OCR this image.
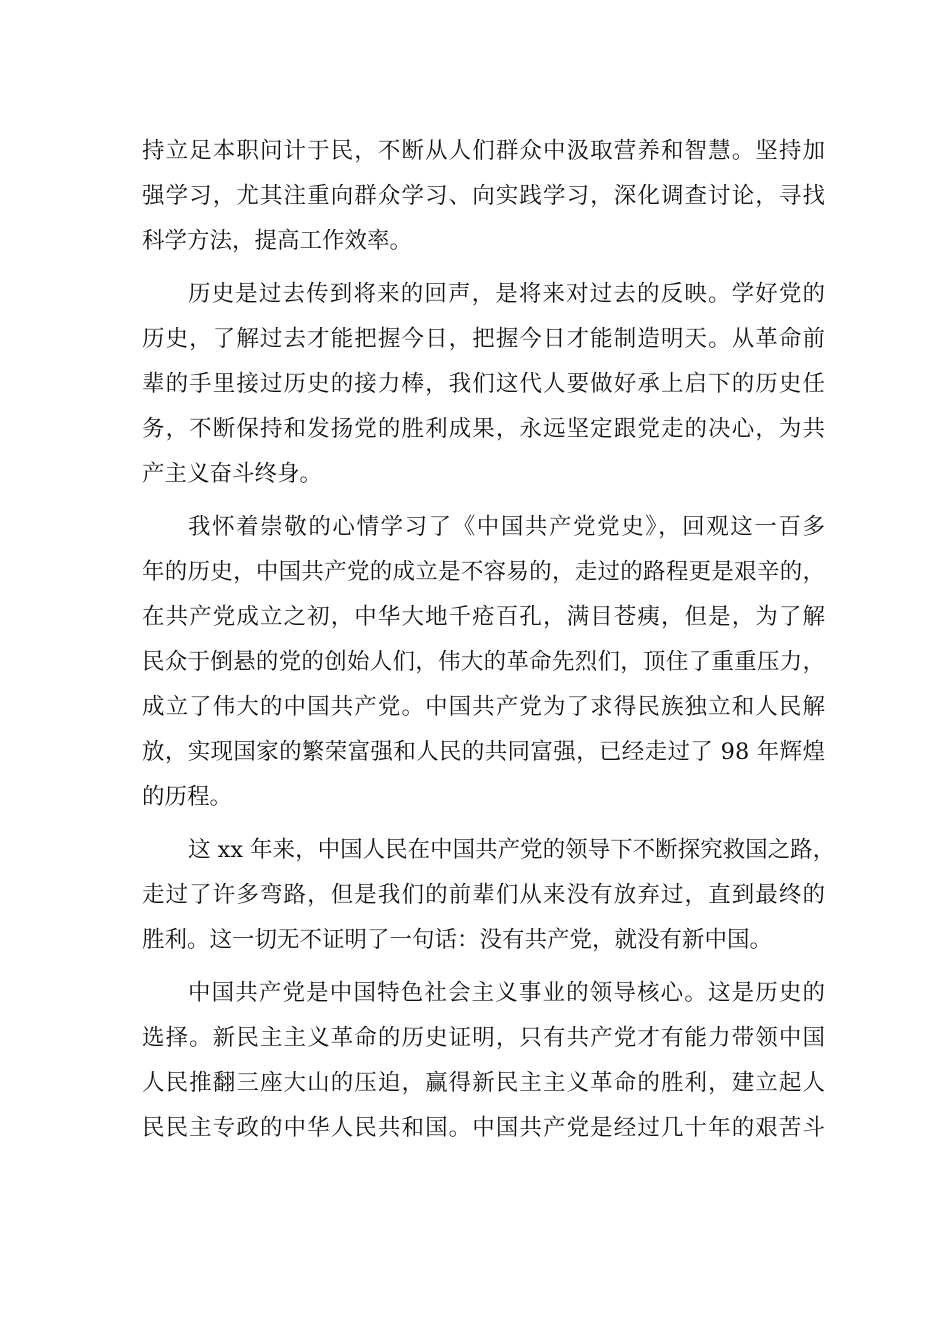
持立足本职问计于民，不断从人们群众中汲取营养和智慧。坚持加
强学习，尤其注重向群众学习、向实践学习，深化调查讨论，寻找
科学方法，提高工作效率。
历史是过去传到将来的回声，是将来对过去的反映。学好党的
历史，了解过去才能把握今日，把握今日才能制造明天。从革命前
辈的手里接过历史的接力棒，我们这代人要做好承上启下的历史任
务，不断保持和发扬党的胜利成果，永远坚定跟党走的决心，为共
产主义奋斗终身。
我怀着崇敬的心情学习了《中国共产党党史》，回观这一百多
年的历史，中国共产党的成立是不容易的，走过的路程更是艰辛的，
在共产党成立之初，中华大地千疮百孔，满目苍痍，但是，为了解
民众于倒悬的党的创始人们，伟大的革命先烈们，顶住了重重压力，
成立了伟大的中国共产党。中国共产党为了求得民族独立和人民解
放，实现国家的繁荣富强和人民的共同富强，已经走过了 98 年辉煌
的历程。
这 xx 年来，中国人民在中国共产党的领导下不断探究救国之路，
走过了许多弯路，但是我们的前辈们从来没有放弃过，直到最终的
胜利。这一切无不证明了一句话：没有共产党，就没有新中国。
中国共产党是中国特色社会主义事业的领导核心。这是历史的
选择。新民主主义革命的历史证明，只有共产党才有能力带领中国
人民推翻三座大山的压迫，赢得新民主主义革命的胜利，建立起人
民民主专政的中华人民共和国。中国共产党是经过几十年的艰苦斗
